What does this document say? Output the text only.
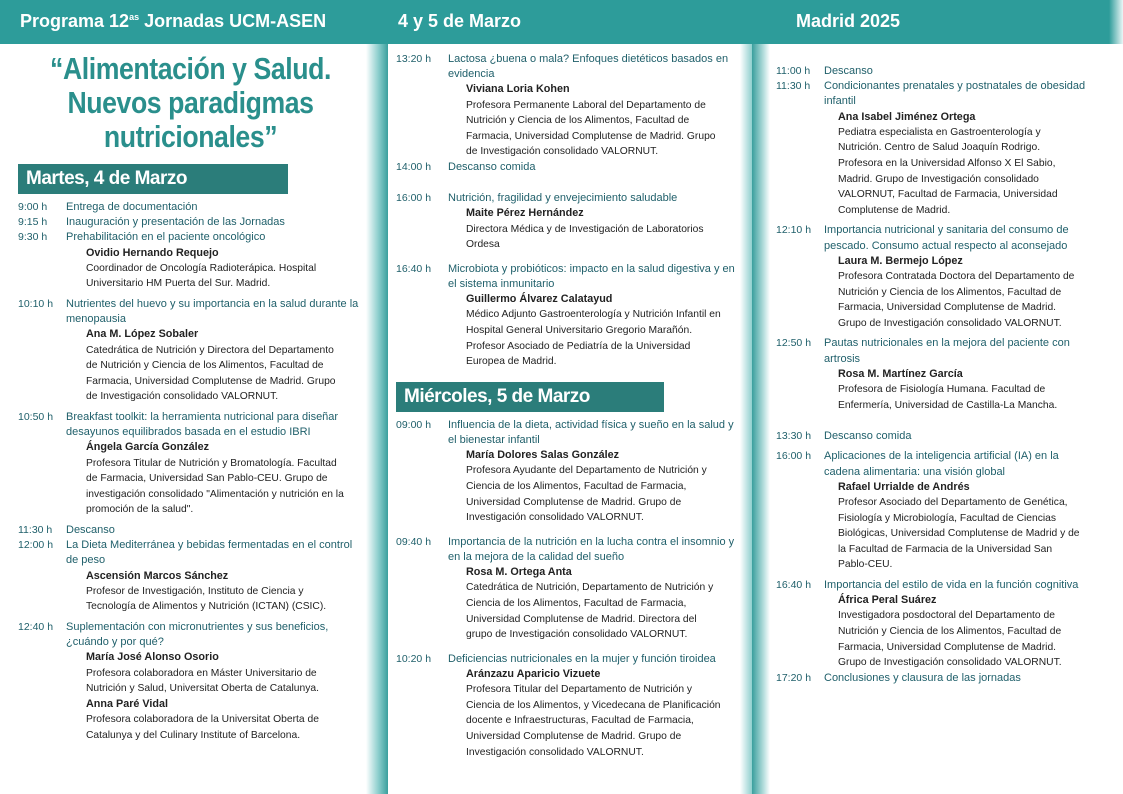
Programa $12^{as}$ Jornadas UCM-ASEN	4 y 5 de Marzo	Madrid 2025
“Alimentación y Salud.
Nuevos paradigmas
nutricionales”
Martes, 4 de Marzo
9:00 h Entrega de documentación
9:15 h Inauguración y presentación de las Jornadas
9:30 h Prehabilitación en el paciente oncológico
Ovidio Hernando Requejo
Coordinador de Oncología Radioterápica. Hospital
Universitario HM Puerta del Sur. Madrid.
10:10 h Nutrientes del huevo y su importancia en la salud durante la menopausia
Ana M. López Sobaler
Catedrática de Nutrición y Directora del Departamento
de Nutrición y Ciencia de los Alimentos, Facultad de
Farmacia, Universidad Complutense de Madrid. Grupo
de Investigación consolidado VALORNUT.
10:50 h Breakfast toolkit: la herramienta nutricional para diseñar desayunos equilibrados basada en el estudio IBRI
Ángela García González
Profesora Titular de Nutrición y Bromatología. Facultad
de Farmacia, Universidad San Pablo-CEU. Grupo de
investigación consolidado "Alimentación y nutrición en la
promoción de la salud".
11:30 h Descanso
12:00 h La Dieta Mediterránea y bebidas fermentadas en el control de peso
Ascensión Marcos Sánchez
Profesor de Investigación, Instituto de Ciencia y
Tecnología de Alimentos y Nutrición (ICTAN) (CSIC).
12:40 h Suplementación con micronutrientes y sus beneficios, ¿cuándo y por qué?
María José Alonso Osorio
Profesora colaboradora en Máster Universitario de
Nutrición y Salud, Universitat Oberta de Catalunya.
Anna Paré Vidal
Profesora colaboradora de la Universitat Oberta de
Catalunya y del Culinary Institute of Barcelona.
13:20 h Lactosa ¿buena o mala? Enfoques dietéticos basados en evidencia
Viviana Loria Kohen
Profesora Permanente Laboral del Departamento de
Nutrición y Ciencia de los Alimentos, Facultad de
Farmacia, Universidad Complutense de Madrid. Grupo
de Investigación consolidado VALORNUT.
14:00 h Descanso comida
16:00 h Nutrición, fragilidad y envejecimiento saludable
Maite Pérez Hernández
Directora Médica y de Investigación de Laboratorios
Ordesa
16:40 h Microbiota y probióticos: impacto en la salud digestiva y en el sistema inmunitario
Guillermo Álvarez Calatayud
Médico Adjunto Gastroenterología y Nutrición Infantil en
Hospital General Universitario Gregorio Marañón.
Profesor Asociado de Pediatría de la Universidad
Europea de Madrid.
Miércoles, 5 de Marzo
09:00 h Influencia de la dieta, actividad física y sueño en la salud y el bienestar infantil
María Dolores Salas González
Profesora Ayudante del Departamento de Nutrición y
Ciencia de los Alimentos, Facultad de Farmacia,
Universidad Complutense de Madrid. Grupo de
Investigación consolidado VALORNUT.
09:40 h Importancia de la nutrición en la lucha contra el insomnio y en la mejora de la calidad del sueño
Rosa M. Ortega Anta
Catedrática de Nutrición, Departamento de Nutrición y
Ciencia de los Alimentos, Facultad de Farmacia,
Universidad Complutense de Madrid. Directora del
grupo de Investigación consolidado VALORNUT.
10:20 h Deficiencias nutricionales en la mujer y función tiroidea
Aránzazu Aparicio Vizuete
Profesora Titular del Departamento de Nutrición y
Ciencia de los Alimentos, y Vicedecana de Planificación
docente e Infraestructuras, Facultad de Farmacia,
Universidad Complutense de Madrid. Grupo de
Investigación consolidado VALORNUT.
11:00 h Descanso
11:30 h Condicionantes prenatales y postnatales de obesidad infantil
Ana Isabel Jiménez Ortega
Pediatra especialista en Gastroenterología y
Nutrición. Centro de Salud Joaquín Rodrigo.
Profesora en la Universidad Alfonso X El Sabio,
Madrid. Grupo de Investigación consolidado
VALORNUT, Facultad de Farmacia, Universidad
Complutense de Madrid.
12:10 h Importancia nutricional y sanitaria del consumo de pescado. Consumo actual respecto al aconsejado
Laura M. Bermejo López
Profesora Contratada Doctora del Departamento de
Nutrición y Ciencia de los Alimentos, Facultad de
Farmacia, Universidad Complutense de Madrid.
Grupo de Investigación consolidado VALORNUT.
12:50 h Pautas nutricionales en la mejora del paciente con artrosis
Rosa M. Martínez García
Profesora de Fisiología Humana. Facultad de
Enfermería, Universidad de Castilla-La Mancha.
13:30 h Descanso comida
16:00 h Aplicaciones de la inteligencia artificial (IA) en la cadena alimentaria: una visión global
Rafael Urrialde de Andrés
Profesor Asociado del Departamento de Genética,
Fisiología y Microbiología, Facultad de Ciencias
Biológicas, Universidad Complutense de Madrid y de
la Facultad de Farmacia de la Universidad San
Pablo-CEU.
16:40 h Importancia del estilo de vida en la función cognitiva
África Peral Suárez
Investigadora posdoctoral del Departamento de
Nutrición y Ciencia de los Alimentos, Facultad de
Farmacia, Universidad Complutense de Madrid.
Grupo de Investigación consolidado VALORNUT.
17:20 h Conclusiones y clausura de las jornadas
